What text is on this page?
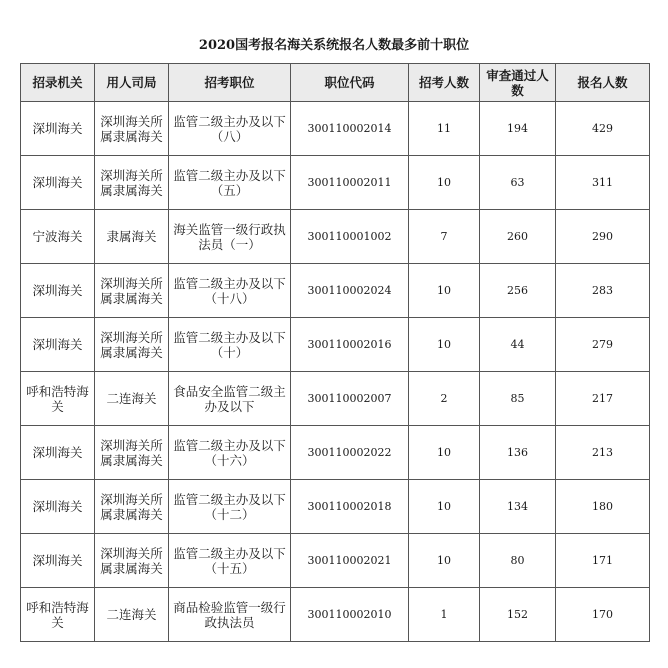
2020国考报名海关系统报名人数最多前十职位
招录机关	用人司局	招考职位	职位代码	招考人数	审查通过人数	报名人数
深圳海关	深圳海关所属隶属海关	监管二级主办及以下（八）	300110002014	11	194	429
深圳海关	深圳海关所属隶属海关	监管二级主办及以下（五）	300110002011	10	63	311
宁波海关	隶属海关	海关监管一级行政执法员（一）	300110001002	7	260	290
深圳海关	深圳海关所属隶属海关	监管二级主办及以下（十八）	300110002024	10	256	283
深圳海关	深圳海关所属隶属海关	监管二级主办及以下（十）	300110002016	10	44	279
呼和浩特海关	二连海关	食品安全监管二级主办及以下	300110002007	2	85	217
深圳海关	深圳海关所属隶属海关	监管二级主办及以下（十六）	300110002022	10	136	213
深圳海关	深圳海关所属隶属海关	监管二级主办及以下（十二）	300110002018	10	134	180
深圳海关	深圳海关所属隶属海关	监管二级主办及以下（十五）	300110002021	10	80	171
呼和浩特海关	二连海关	商品检验监管一级行政执法员	300110002010	1	152	170
